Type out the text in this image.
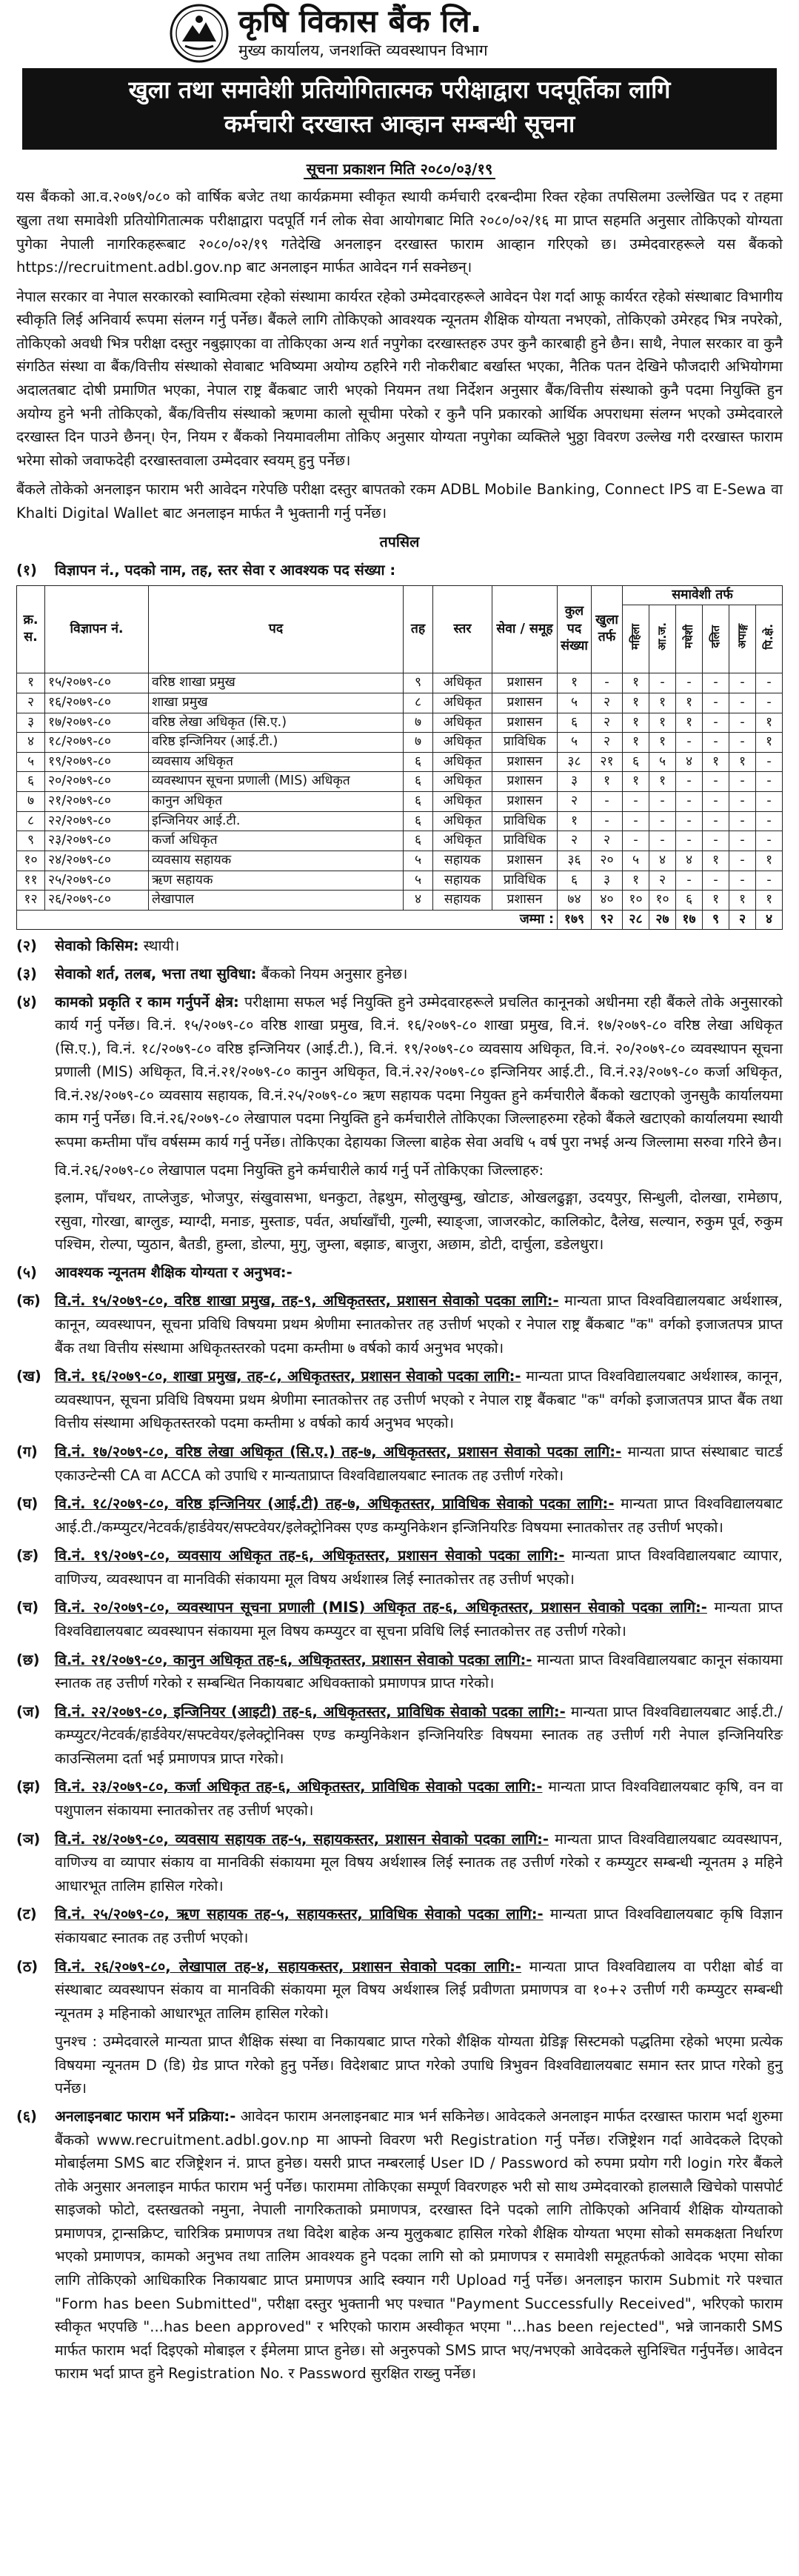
कृषि विकास बैंक लि.
मुख्य कार्यालय, जनशक्ति व्यवस्थापन विभाग
खुला तथा समावेशी प्रतियोगितात्मक परीक्षाद्वारा पदपूर्तिका लागि
कर्मचारी दरखास्त आव्हान सम्बन्धी सूचना
सूचना प्रकाशन मिति २०८०/०३/१९

यस बैंकको आ.व.२०७९/०८० को वार्षिक बजेट तथा कार्यक्रममा स्वीकृत स्थायी कर्मचारी दरबन्दीमा रिक्त रहेका तपसिलमा उल्लेखित पद र तहमा खुला तथा समावेशी प्रतियोगितात्मक परीक्षाद्वारा पदपूर्ति गर्न लोक सेवा आयोगबाट मिति २०८०/०२/१६ मा प्राप्त सहमति अनुसार तोकिएको योग्यता पुगेका नेपाली नागरिकहरूबाट २०८०/०२/१९ गतेदेखि अनलाइन दरखास्त फाराम आव्हान गरिएको छ। उम्मेदवारहरूले यस बैंकको https://recruitment.adbl.gov.np बाट अनलाइन मार्फत आवेदन गर्न सक्नेछन्।

नेपाल सरकार वा नेपाल सरकारको स्वामित्वमा रहेको संस्थामा कार्यरत रहेको उम्मेदवारहरूले आवेदन पेश गर्दा आफू कार्यरत रहेको संस्थाबाट विभागीय स्वीकृति लिई अनिवार्य रूपमा संलग्न गर्नु पर्नेछ। बैंकले लागि तोकिएको आवश्यक न्यूनतम शैक्षिक योग्यता नभएको, तोकिएको उमेरहद भित्र नपरेको, तोकिएको अवधी भित्र परीक्षा दस्तुर नबुझाएका वा तोकिएका अन्य शर्त नपुगेका दरखास्तहरु उपर कुनै कारबाही हुने छैन। साथै, नेपाल सरकार वा कुनै संगठित संस्था वा बैंक/वित्तीय संस्थाको सेवाबाट भविष्यमा अयोग्य ठहरिने गरी नोकरीबाट बर्खास्त भएका, नैतिक पतन देखिने फौजदारी अभियोगमा अदालतबाट दोषी प्रमाणित भएका, नेपाल राष्ट्र बैंकबाट जारी भएको नियमन तथा निर्देशन अनुसार बैंक/वित्तीय संस्थाको कुनै पदमा नियुक्ति हुन अयोग्य हुने भनी तोकिएको, बैंक/वित्तीय संस्थाको ऋणमा कालो सूचीमा परेको र कुनै पनि प्रकारको आर्थिक अपराधमा संलग्न भएको उम्मेदवारले दरखास्त दिन पाउने छैनन्। ऐन, नियम र बैंकको नियमावलीमा तोकिए अनुसार योग्यता नपुगेका व्यक्तिले भुठ्ठा विवरण उल्लेख गरी दरखास्त फाराम भरेमा सोको जवाफदेही दरखास्तवाला उम्मेदवार स्वयम् हुनु पर्नेछ।

बैंकले तोकेको अनलाइन फाराम भरी आवेदन गरेपछि परीक्षा दस्तुर बापतको रकम ADBL Mobile Banking, Connect IPS वा E-Sewa वा Khalti Digital Wallet बाट अनलाइन मार्फत नै भुक्तानी गर्नु पर्नेछ।

तपसिल
(१)	विज्ञापन नं., पदको नाम, तह, स्तर सेवा र आवश्यक पद संख्या :
क्र. स.	विज्ञापन नं.	पद	तह	स्तर	सेवा / समूह	कुल पद संख्या	खुला तर्फ	समावेशी तर्फ					
								महिला	आ.ज.	मधेशी	दलित	अपाङ्ग	पि.क्षे.
१	१५/२०७९-८०	वरिष्ठ शाखा प्रमुख	९	अधिकृत	प्रशासन	१	-	१	-	-	-	-	-
२	१६/२०७९-८०	शाखा प्रमुख	८	अधिकृत	प्रशासन	५	२	१	१	१	-	-	-
३	१७/२०७९-८०	वरिष्ठ लेखा अधिकृत (सि.ए.)	७	अधिकृत	प्रशासन	६	२	१	१	१	-	-	१
४	१८/२०७९-८०	वरिष्ठ इन्जिनियर (आई.टी.)	७	अधिकृत	प्राविधिक	५	२	१	१	-	-	-	१
५	१९/२०७९-८०	व्यवसाय अधिकृत	६	अधिकृत	प्रशासन	३८	२१	६	५	४	१	१	-
६	२०/२०७९-८०	व्यवस्थापन सूचना प्रणाली (MIS) अधिकृत	६	अधिकृत	प्रशासन	३	१	१	१	-	-	-	-
७	२१/२०७९-८०	कानुन अधिकृत	६	अधिकृत	प्रशासन	२	-	-	-	-	-	-	-
८	२२/२०७९-८०	इन्जिनियर आई.टी.	६	अधिकृत	प्राविधिक	१	-	-	-	-	-	-	-
९	२३/२०७९-८०	कर्जा अधिकृत	६	अधिकृत	प्राविधिक	२	२	-	-	-	-	-	-
१०	२४/२०७९-८०	व्यवसाय सहायक	५	सहायक	प्रशासन	३६	२०	५	४	४	१	-	१
११	२५/२०७९-८०	ऋण सहायक	५	सहायक	प्राविधिक	६	३	१	२	-	-	-	-
१२	२६/२०७९-८०	लेखापाल	४	सहायक	प्रशासन	७४	४०	१०	१०	६	१	१	१
जम्मा :						१७९	९२	२८	२७	१७	९	२	४
(२)	सेवाको किसिम: स्थायी।
(३)	सेवाको शर्त, तलब, भत्ता तथा सुविधा: बैंकको नियम अनुसार हुनेछ।
(४)	कामको प्रकृति र काम गर्नुपर्ने क्षेत्र: परीक्षामा सफल भई नियुक्ति हुने उम्मेदवारहरूले प्रचलित कानूनको अधीनमा रही बैंकले तोके अनुसारको कार्य गर्नु पर्नेछ। वि.नं. १५/२०७९-८० वरिष्ठ शाखा प्रमुख, वि.नं. १६/२०७९-८० शाखा प्रमुख, वि.नं. १७/२०७९-८० वरिष्ठ लेखा अधिकृत (सि.ए.), वि.नं. १८/२०७९-८० वरिष्ठ इन्जिनियर (आई.टी.), वि.नं. १९/२०७९-८० व्यवसाय अधिकृत, वि.नं. २०/२०७९-८० व्यवस्थापन सूचना प्रणाली (MIS) अधिकृत, वि.नं.२१/२०७९-८० कानुन अधिकृत, वि.नं.२२/२०७९-८० इन्जिनियर आई.टी., वि.नं.२३/२०७९-८० कर्जा अधिकृत, वि.नं.२४/२०७९-८० व्यवसाय सहायक, वि.नं.२५/२०७९-८० ऋण सहायक पदमा नियुक्त हुने कर्मचारीले बैंकको खटाएको जुनसुकै कार्यालयमा काम गर्नु पर्नेछ। वि.नं.२६/२०७९-८० लेखापाल पदमा नियुक्ति हुने कर्मचारीले तोकिएका जिल्लाहरुमा रहेको बैंकले खटाएको कार्यालयमा स्थायी रूपमा कम्तीमा पाँच वर्षसम्म कार्य गर्नु पर्नेछ। तोकिएका देहायका जिल्ला बाहेक सेवा अवधि ५ वर्ष पुरा नभई अन्य जिल्लामा सरुवा गरिने छैन।
वि.नं.२६/२०७९-८० लेखापाल पदमा नियुक्ति हुने कर्मचारीले कार्य गर्नु पर्ने तोकिएका जिल्लाहरु:
इलाम, पाँचथर, ताप्लेजुङ, भोजपुर, संखुवासभा, धनकुटा, तेह्रथुम, सोलुखुम्बु, खोटाङ, ओखलढुङ्गा, उदयपुर, सिन्धुली, दोलखा, रामेछाप, रसुवा, गोरखा, बाग्लुङ, म्याग्दी, मनाङ, मुस्ताङ, पर्वत, अर्घाखाँची, गुल्मी, स्याङ्जा, जाजरकोट, कालिकोट, दैलेख, सल्यान, रुकुम पूर्व, रुकुम पश्चिम, रोल्पा, प्युठान, बैतडी, हुम्ला, डोल्पा, मुगु, जुम्ला, बझाङ, बाजुरा, अछाम, डोटी, दार्चुला, डडेलधुरा।
(५)	आवश्यक न्यूनतम शैक्षिक योग्यता र अनुभव:-
(क) वि.नं. १५/२०७९-८०, वरिष्ठ शाखा प्रमुख, तह-९, अधिकृतस्तर, प्रशासन सेवाको पदका लागि:- मान्यता प्राप्त विश्वविद्यालयबाट अर्थशास्त्र, कानून, व्यवस्थापन, सूचना प्रविधि विषयमा प्रथम श्रेणीमा स्नातकोत्तर तह उत्तीर्ण भएको र नेपाल राष्ट्र बैंकबाट "क" वर्गको इजाजतपत्र प्राप्त बैंक तथा वित्तीय संस्थामा अधिकृतस्तरको पदमा कम्तीमा ७ वर्षको कार्य अनुभव भएको।
(ख) वि.नं. १६/२०७९-८०, शाखा प्रमुख, तह-८, अधिकृतस्तर, प्रशासन सेवाको पदका लागि:- मान्यता प्राप्त विश्वविद्यालयबाट अर्थशास्त्र, कानून, व्यवस्थापन, सूचना प्रविधि विषयमा प्रथम श्रेणीमा स्नातकोत्तर तह उत्तीर्ण भएको र नेपाल राष्ट्र बैंकबाट "क" वर्गको इजाजतपत्र प्राप्त बैंक तथा वित्तीय संस्थामा अधिकृतस्तरको पदमा कम्तीमा ४ वर्षको कार्य अनुभव भएको।
(ग)	वि.नं. १७/२०७९-८०, वरिष्ठ लेखा अधिकृत (सि.ए.) तह-७, अधिकृतस्तर, प्रशासन सेवाको पदका लागि:- मान्यता प्राप्त संस्थाबाट चाटर्ड एकाउन्टेन्सी CA वा ACCA को उपाधि र मान्यताप्राप्त विश्वविद्यालयबाट स्नातक तह उत्तीर्ण गरेको।
(घ)	वि.नं. १८/२०७९-८०, वरिष्ठ इन्जिनियर (आई.टी) तह-७, अधिकृतस्तर, प्राविधिक सेवाको पदका लागि:- मान्यता प्राप्त विश्वविद्यालयबाट आई.टी./कम्प्युटर/नेटवर्क/हार्डवेयर/सफ्टवेयर/इलेक्ट्रोनिक्स एण्ड कम्युनिकेशन इन्जिनियरिङ विषयमा स्नातकोत्तर तह उत्तीर्ण भएको।
(ङ)	वि.नं. १९/२०७९-८०, व्यवसाय अधिकृत तह-६, अधिकृतस्तर, प्रशासन सेवाको पदका लागि:- मान्यता प्राप्त विश्वविद्यालयबाट व्यापार, वाणिज्य, व्यवस्थापन वा मानविकी संकायमा मूल विषय अर्थशास्त्र लिई स्नातकोत्तर तह उत्तीर्ण भएको।
(च)	वि.नं. २०/२०७९-८०, व्यवस्थापन सूचना प्रणाली (MIS) अधिकृत तह-६, अधिकृतस्तर, प्रशासन सेवाको पदका लागि:- मान्यता प्राप्त विश्वविद्यालयबाट व्यवस्थापन संकायमा मूल विषय कम्प्युटर वा सूचना प्रविधि लिई स्नातकोत्तर तह उत्तीर्ण गरेको।
(छ)	वि.नं. २१/२०७९-८०, कानुन अधिकृत तह-६, अधिकृतस्तर, प्रशासन सेवाको पदका लागि:- मान्यता प्राप्त विश्वविद्यालयबाट कानून संकायमा स्नातक तह उत्तीर्ण गरेको र सम्बन्धित निकायबाट अधिवक्ताको प्रमाणपत्र प्राप्त गरेको।
(ज)	वि.नं. २२/२०७९-८०, इन्जिनियर (आइटी) तह-६, अधिकृतस्तर, प्राविधिक सेवाको पदका लागि:- मान्यता प्राप्त विश्वविद्यालयबाट आई.टी./कम्प्युटर/नेटवर्क/हार्डवेयर/सफ्टवेयर/इलेक्ट्रोनिक्स एण्ड कम्युनिकेशन इन्जिनियरिङ विषयमा स्नातक तह उत्तीर्ण गरी नेपाल इन्जिनियरिङ काउन्सिलमा दर्ता भई प्रमाणपत्र प्राप्त गरेको।
(झ) वि.नं. २३/२०७९-८०, कर्जा अधिकृत तह-६, अधिकृतस्तर, प्राविधिक सेवाको पदका लागि:- मान्यता प्राप्त विश्वविद्यालयबाट कृषि, वन वा पशुपालन संकायमा स्नातकोत्तर तह उत्तीर्ण भएको।
(ञ)	वि.नं. २४/२०७९-८०, व्यवसाय सहायक तह-५, सहायकस्तर, प्रशासन सेवाको पदका लागि:- मान्यता प्राप्त विश्वविद्यालयबाट व्यवस्थापन, वाणिज्य वा व्यापार संकाय वा मानविकी संकायमा मूल विषय अर्थशास्त्र लिई स्नातक तह उत्तीर्ण गरेको र कम्प्युटर सम्बन्धी न्यूनतम ३ महिने आधारभूत तालिम हासिल गरेको।
(ट)	वि.नं. २५/२०७९-८०, ऋण सहायक तह-५, सहायकस्तर, प्राविधिक सेवाको पदका लागि:- मान्यता प्राप्त विश्वविद्यालयबाट कृषि विज्ञान संकायबाट स्नातक तह उत्तीर्ण भएको।
(ठ)	वि.नं. २६/२०७९-८०, लेखापाल तह-४, सहायकस्तर, प्रशासन सेवाको पदका लागि:- मान्यता प्राप्त विश्वविद्यालय वा परीक्षा बोर्ड वा संस्थाबाट व्यवस्थापन संकाय वा मानविकी संकायमा मूल विषय अर्थशास्त्र लिई प्रवीणता प्रमाणपत्र वा १०+२ उत्तीर्ण गरी कम्प्युटर सम्बन्धी न्यूनतम ३ महिनाको आधारभूत तालिम हासिल गरेको।
पुनश्च : उम्मेदवारले मान्यता प्राप्त शैक्षिक संस्था वा निकायबाट प्राप्त गरेको शैक्षिक योग्यता ग्रेडिङ्ग सिस्टमको पद्धतिमा रहेको भएमा प्रत्येक विषयमा न्यूनतम D (डि) ग्रेड प्राप्त गरेको हुनु पर्नेछ। विदेशबाट प्राप्त गरेको उपाधि त्रिभुवन विश्वविद्यालयबाट समान स्तर प्राप्त गरेको हुनु पर्नेछ।
(६)	अनलाइनबाट फाराम भर्ने प्रक्रिया:- आवेदन फाराम अनलाइनबाट मात्र भर्न सकिनेछ। आवेदकले अनलाइन मार्फत दरखास्त फाराम भर्दा शुरुमा बैंकको www.recruitment.adbl.gov.np मा आफ्नो विवरण भरी Registration गर्नु पर्नेछ। रजिष्ट्रेशन गर्दा आवेदकले दिएको मोबाईलमा SMS बाट रजिष्ट्रेशन नं. प्राप्त हुनेछ। यसरी प्राप्त नम्बरलाई User ID / Password को रुपमा प्रयोग गरी login गरेर बैंकले तोके अनुसार अनलाइन मार्फत फाराम भर्नु पर्नेछ। फाराममा तोकिएका सम्पूर्ण विवरणहरु भरी सो साथ उम्मेदवारको हालसालै खिचेको पासपोर्ट साइजको फोटो, दस्तखतको नमुना, नेपाली नागरिकताको प्रमाणपत्र, दरखास्त दिने पदको लागि तोकिएको अनिवार्य शैक्षिक योग्यताको प्रमाणपत्र, ट्रान्सक्रिप्ट, चारित्रिक प्रमाणपत्र तथा विदेश बाहेक अन्य मुलुकबाट हासिल गरेको शैक्षिक योग्यता भएमा सोको समकक्षता निर्धारण भएको प्रमाणपत्र, कामको अनुभव तथा तालिम आवश्यक हुने पदका लागि सो को प्रमाणपत्र र समावेशी समूहतर्फको आवेदक भएमा सोका लागि तोकिएको आधिकारिक निकायबाट प्राप्त प्रमाणपत्र आदि स्क्यान गरी Upload गर्नु पर्नेछ। अनलाइन फाराम Submit गरे पश्चात "Form has been Submitted", परीक्षा दस्तुर भुक्तानी भए पश्चात "Payment Successfully Received", भरिएको फाराम स्वीकृत भएपछि "...has been approved" र भरिएको फाराम अस्वीकृत भएमा "...has been rejected", भन्ने जानकारी SMS मार्फत फाराम भर्दा दिइएको मोबाइल र ईमेलमा प्राप्त हुनेछ। सो अनुरुपको SMS प्राप्त भए/नभएको आवेदकले सुनिश्चित गर्नुपर्नेछ। आवेदन फाराम भर्दा प्राप्त हुने Registration No. र Password सुरक्षित राख्नु पर्नेछ।
